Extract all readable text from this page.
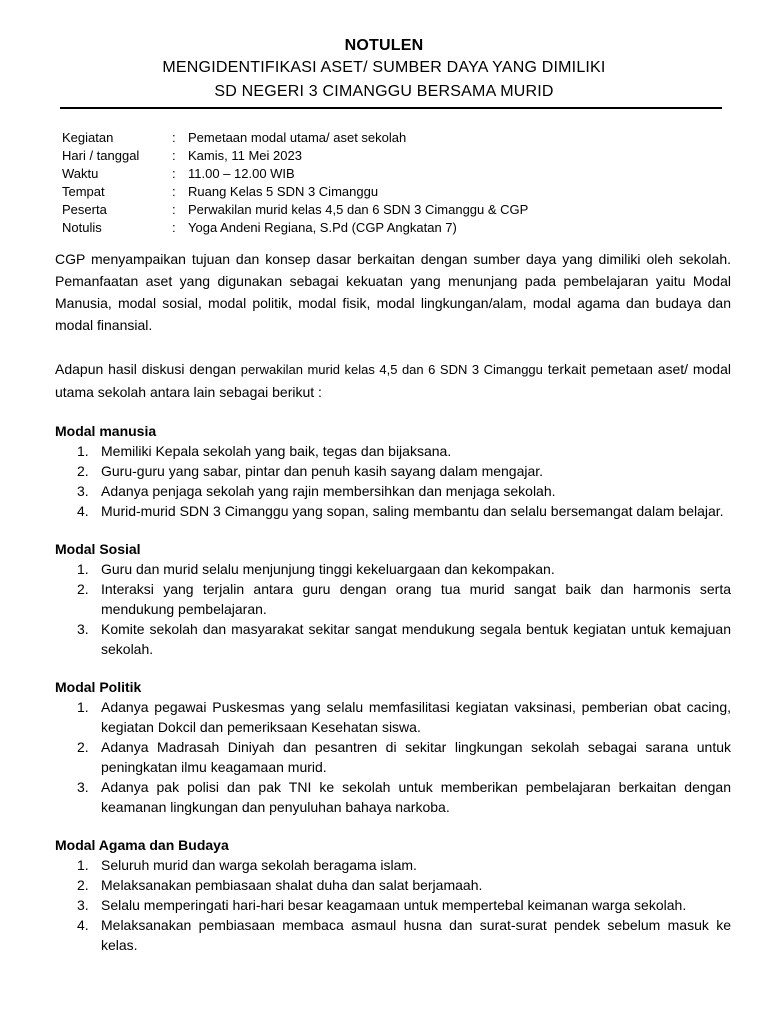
NOTULEN
MENGIDENTIFIKASI ASET/ SUMBER DAYA YANG DIMILIKI
SD NEGERI 3 CIMANGGU BERSAMA MURID
Kegiatan	: Pemetaan modal utama/ aset sekolah
Hari / tanggal	: Kamis, 11 Mei 2023
Waktu	: 11.00 – 12.00 WIB
Tempat	: Ruang Kelas 5 SDN 3 Cimanggu
Peserta	: Perwakilan murid kelas 4,5 dan 6 SDN 3 Cimanggu & CGP
Notulis	: Yoga Andeni Regiana, S.Pd (CGP Angkatan 7)

CGP menyampaikan tujuan dan konsep dasar berkaitan dengan sumber daya yang dimiliki oleh sekolah. Pemanfaatan aset yang digunakan sebagai kekuatan yang menunjang pada pembelajaran yaitu Modal Manusia, modal sosial, modal politik, modal fisik, modal lingkungan/alam, modal agama dan budaya dan modal finansial.

Adapun hasil diskusi dengan perwakilan murid kelas 4,5 dan 6 SDN 3 Cimanggu terkait pemetaan aset/ modal utama sekolah antara lain sebagai berikut :

Modal manusia

1. Memiliki Kepala sekolah yang baik, tegas dan bijaksana.
2. Guru-guru yang sabar, pintar dan penuh kasih sayang dalam mengajar.
3. Adanya penjaga sekolah yang rajin membersihkan dan menjaga sekolah.
4. Murid-murid SDN 3 Cimanggu yang sopan, saling membantu dan selalu bersemangat dalam belajar.

Modal Sosial

1. Guru dan murid selalu menjunjung tinggi kekeluargaan dan kekompakan.
2. Interaksi yang terjalin antara guru dengan orang tua murid sangat baik dan harmonis serta mendukung pembelajaran.
3. Komite sekolah dan masyarakat sekitar sangat mendukung segala bentuk kegiatan untuk kemajuan sekolah.

Modal Politik

1. Adanya pegawai Puskesmas yang selalu memfasilitasi kegiatan vaksinasi, pemberian obat cacing, kegiatan Dokcil dan pemeriksaan Kesehatan siswa.
2. Adanya Madrasah Diniyah dan pesantren di sekitar lingkungan sekolah sebagai sarana untuk peningkatan ilmu keagamaan murid.
3. Adanya pak polisi dan pak TNI ke sekolah untuk memberikan pembelajaran berkaitan dengan keamanan lingkungan dan penyuluhan bahaya narkoba.

Modal Agama dan Budaya

1. Seluruh murid dan warga sekolah beragama islam.
2. Melaksanakan pembiasaan shalat duha dan salat berjamaah.
3. Selalu memperingati hari-hari besar keagamaan untuk mempertebal keimanan warga sekolah.
4. Melaksanakan pembiasaan membaca asmaul husna dan surat-surat pendek sebelum masuk ke kelas.
